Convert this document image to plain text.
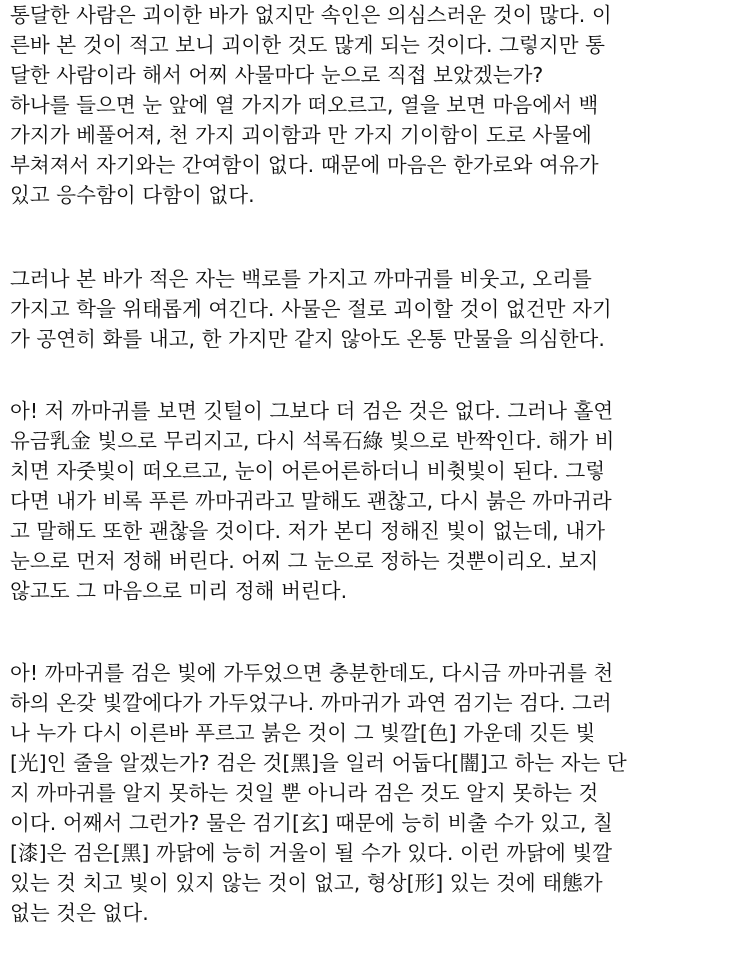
통달한 사람은 괴이한 바가 없지만 속인은 의심스러운 것이 많다. 이
른바 본 것이 적고 보니 괴이한 것도 많게 되는 것이다. 그렇지만 통
달한 사람이라 해서 어찌 사물마다 눈으로 직접 보았겠는가?
하나를 들으면 눈 앞에 열 가지가 떠오르고, 열을 보면 마음에서 백
가지가 베풀어져, 천 가지 괴이함과 만 가지 기이함이 도로 사물에
부쳐져서 자기와는 간여함이 없다. 때문에 마음은 한가로와 여유가
있고 응수함이 다함이 없다.
그러나 본 바가 적은 자는 백로를 가지고 까마귀를 비웃고, 오리를
가지고 학을 위태롭게 여긴다. 사물은 절로 괴이할 것이 없건만 자기
가 공연히 화를 내고, 한 가지만 같지 않아도 온통 만물을 의심한다.
아! 저 까마귀를 보면 깃털이 그보다 더 검은 것은 없다. 그러나 홀연
유금乳金 빛으로 무리지고, 다시 석록石綠 빛으로 반짝인다. 해가 비
치면 자줏빛이 떠오르고, 눈이 어른어른하더니 비췻빛이 된다. 그렇
다면 내가 비록 푸른 까마귀라고 말해도 괜찮고, 다시 붉은 까마귀라
고 말해도 또한 괜찮을 것이다. 저가 본디 정해진 빛이 없는데, 내가
눈으로 먼저 정해 버린다. 어찌 그 눈으로 정하는 것뿐이리오. 보지
않고도 그 마음으로 미리 정해 버린다.
아! 까마귀를 검은 빛에 가두었으면 충분한데도, 다시금 까마귀를 천
하의 온갖 빛깔에다가 가두었구나. 까마귀가 과연 검기는 검다. 그러
나 누가 다시 이른바 푸르고 붉은 것이 그 빛깔[色] 가운데 깃든 빛
[光]인 줄을 알겠는가? 검은 것[黑]을 일러 어둡다[闇]고 하는 자는 단
지 까마귀를 알지 못하는 것일 뿐 아니라 검은 것도 알지 못하는 것
이다. 어째서 그런가? 물은 검기[玄] 때문에 능히 비출 수가 있고, 칠
[漆]은 검은[黑] 까닭에 능히 거울이 될 수가 있다. 이런 까닭에 빛깔
있는 것 치고 빛이 있지 않는 것이 없고, 형상[形] 있는 것에 태態가
없는 것은 없다.
